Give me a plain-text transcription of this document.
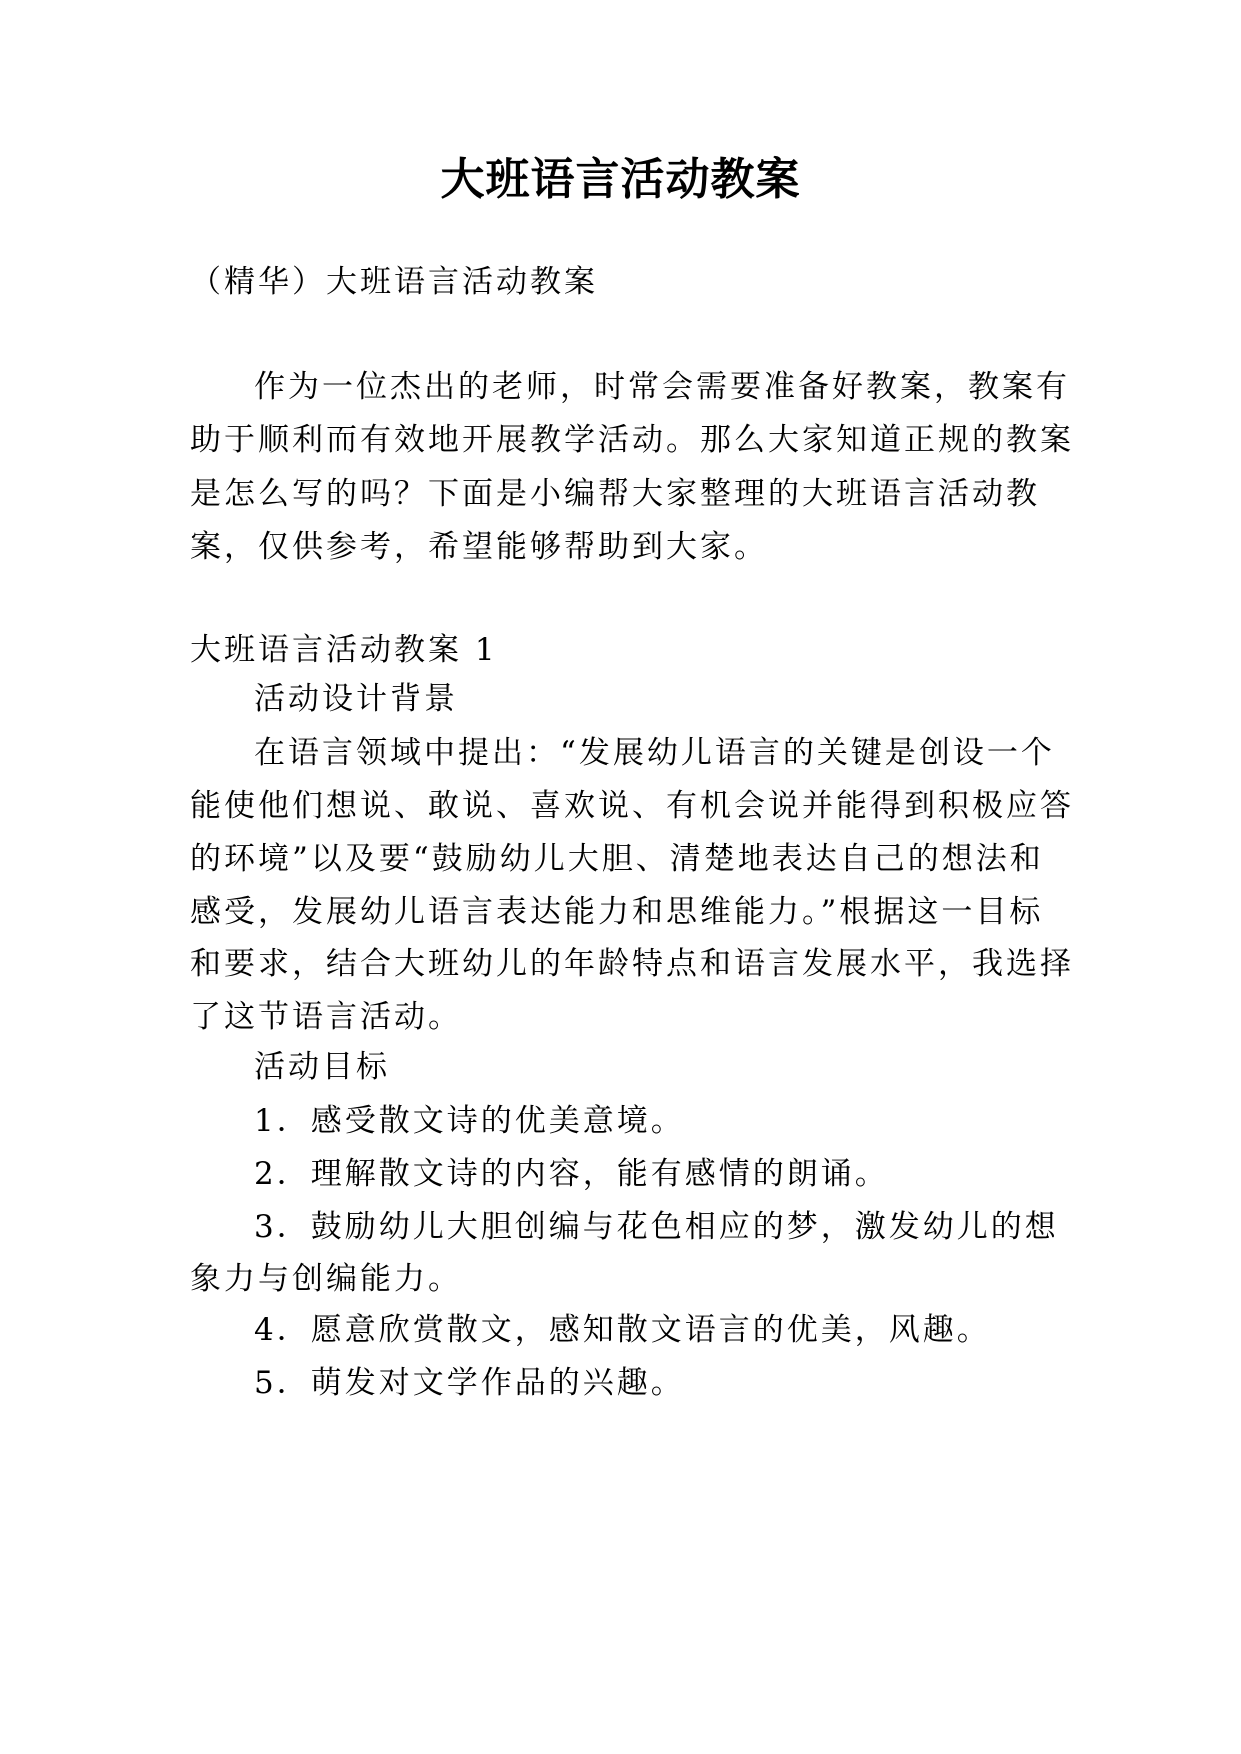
大班语言活动教案

（精华）大班语言活动教案

作为一位杰出的老师，时常会需要准备好教案，教案有

助于顺利而有效地开展教学活动。那么大家知道正规的教案

是怎么写的吗？下面是小编帮大家整理的大班语言活动教

案，仅供参考，希望能够帮助到大家。

大班语言活动教案 1

活动设计背景

在语言领域中提出：“发展幼儿语言的关键是创设一个

能使他们想说、敢说、喜欢说、有机会说并能得到积极应答

的环境”以及要“鼓励幼儿大胆、清楚地表达自己的想法和

感受，发展幼儿语言表达能力和思维能力。”根据这一目标

和要求，结合大班幼儿的年龄特点和语言发展水平，我选择

了这节语言活动。

活动目标

1．感受散文诗的优美意境。

2．理解散文诗的内容，能有感情的朗诵。

3．鼓励幼儿大胆创编与花色相应的梦，激发幼儿的想

象力与创编能力。

4．愿意欣赏散文，感知散文语言的优美，风趣。

5．萌发对文学作品的兴趣。
